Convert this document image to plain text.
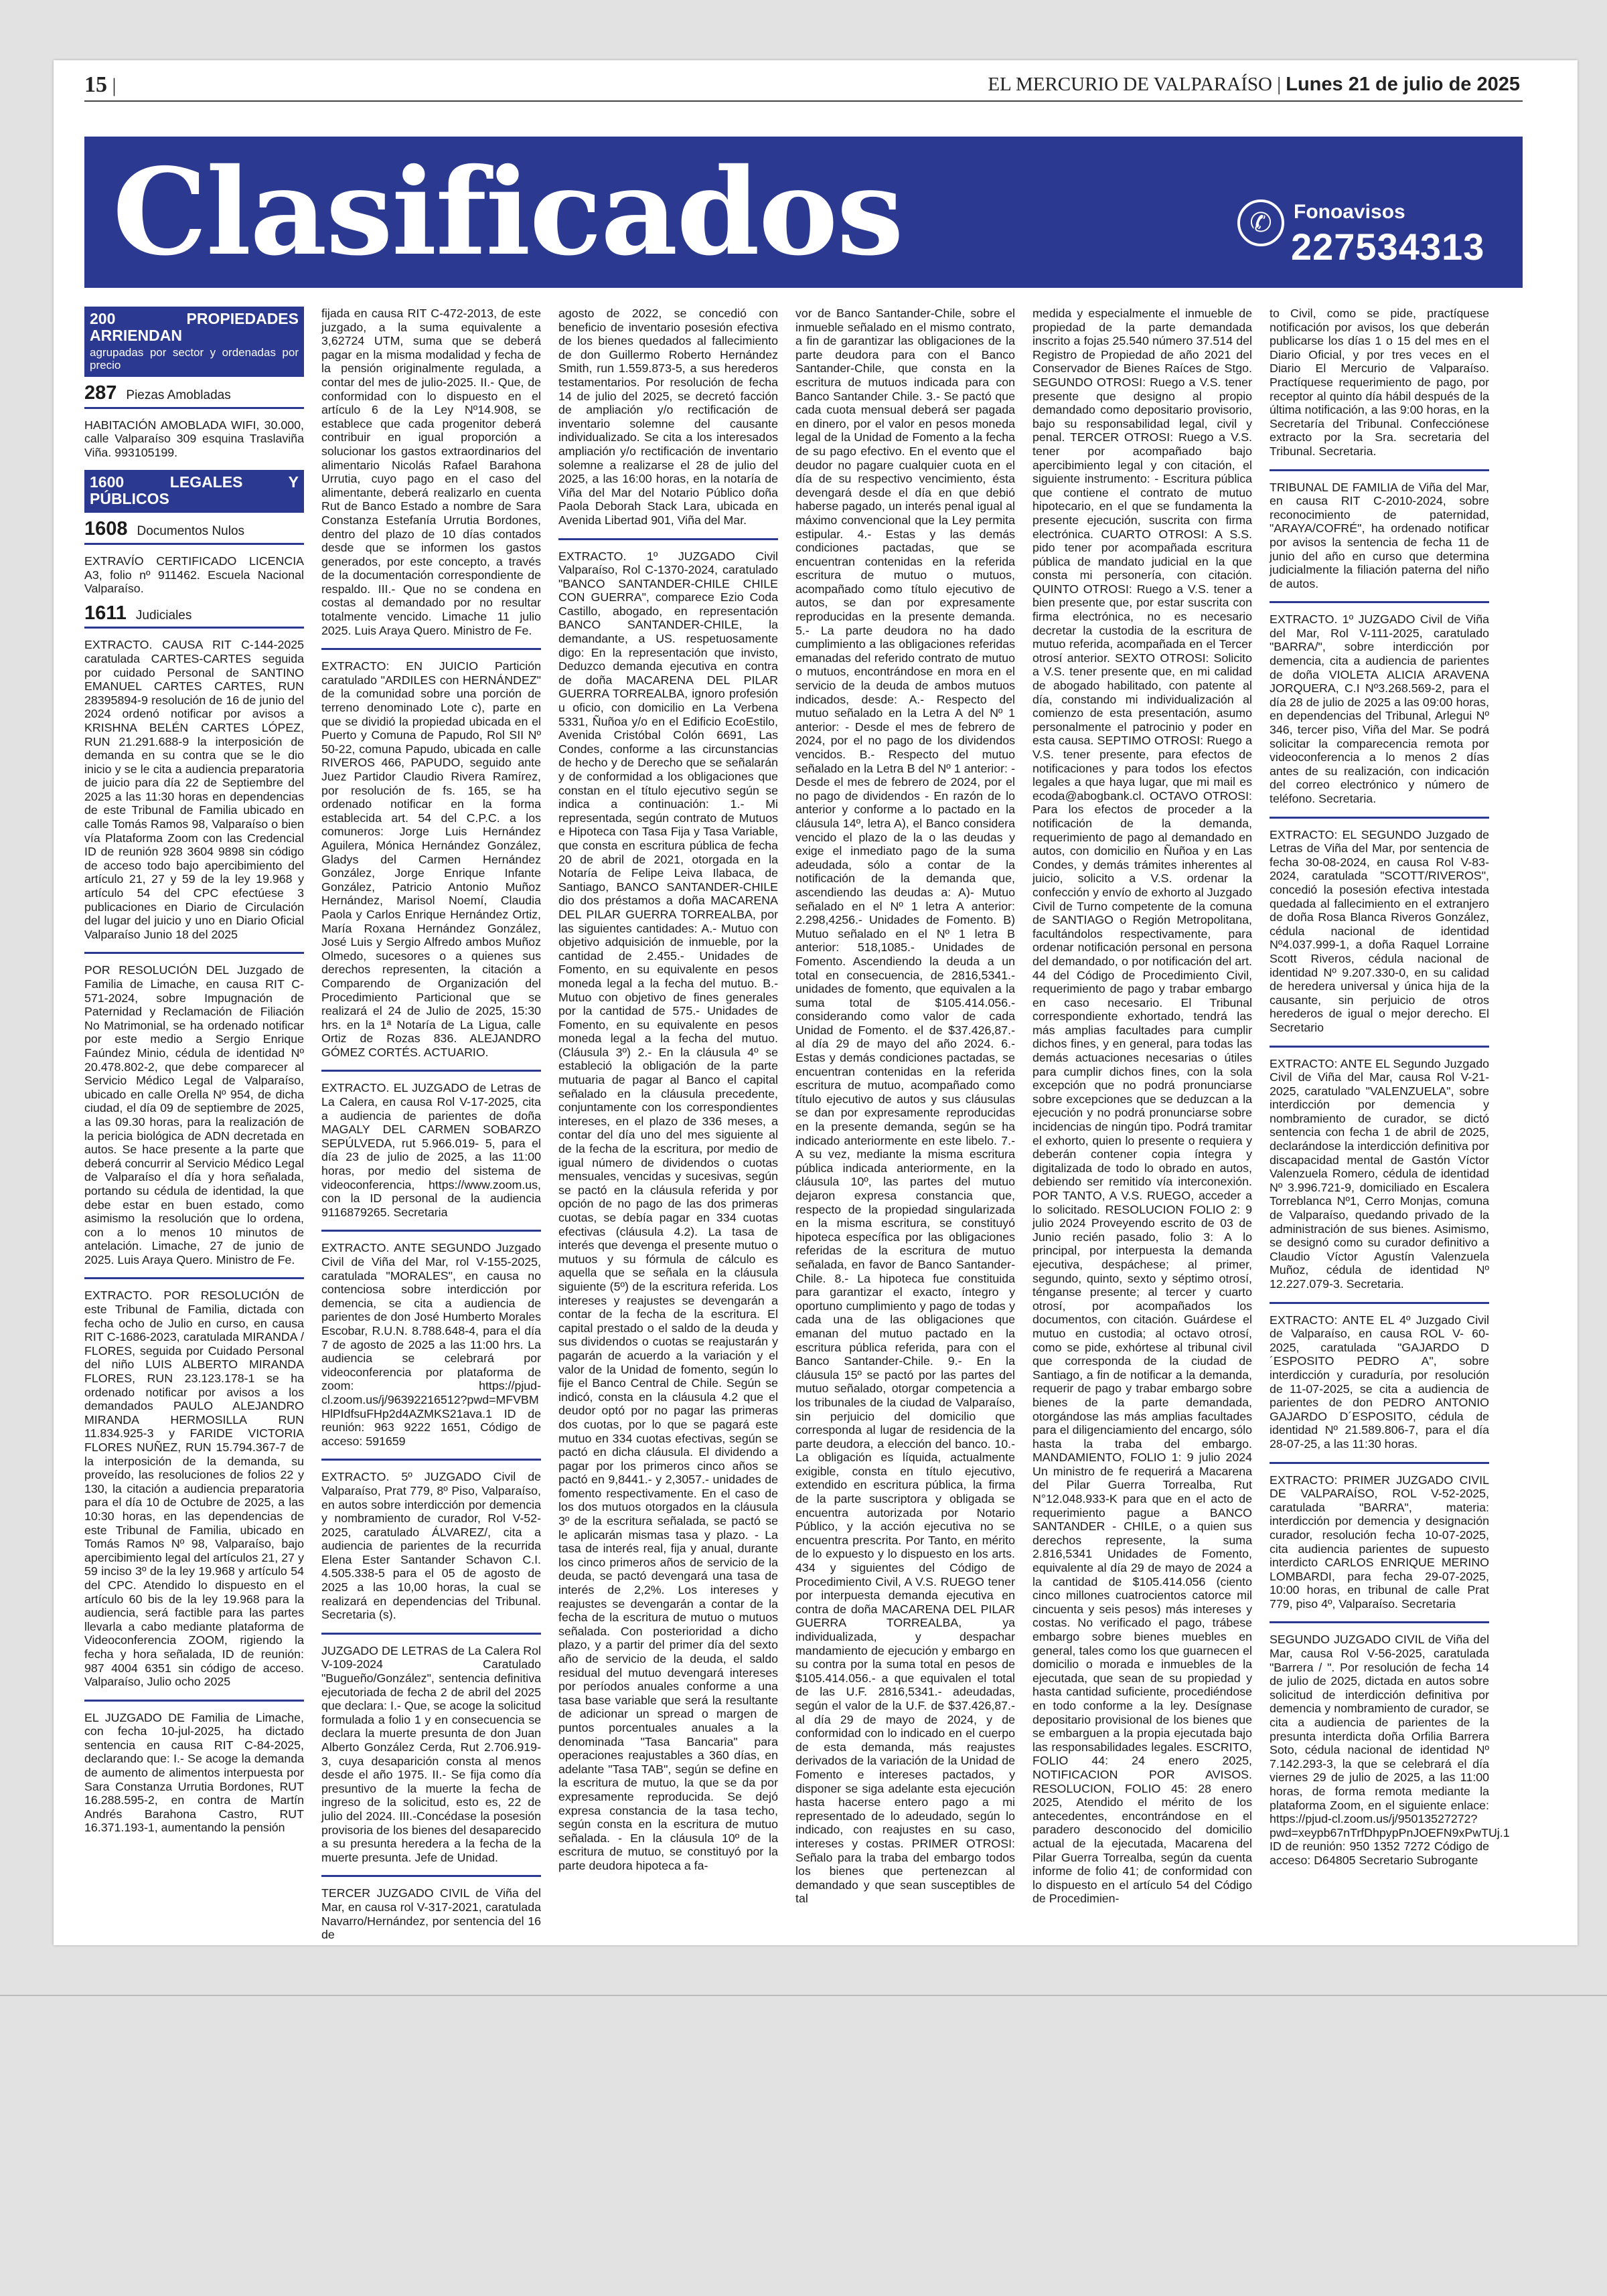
15 |	EL MERCURIO DE VALPARAÍSO | Lunes 21 de julio de 2025
Clasificados	✆	Fonoavisos
22753431​3
200 PROPIEDADES ARRIENDAN
agrupadas por sector y ordenadas por precio
287 Piezas Amobladas

HABITACIÓN AMOBLADA WIFI, 30.000, calle Valparaíso 309 esquina Traslaviña Viña. 993105199.

1600 LEGALES Y PÚBLICOS
1608 Documentos Nulos

EXTRAVÍO CERTIFICADO LICENCIA A3, folio nº 911462. Escuela Nacional Valparaíso.

1611 Judiciales

EXTRACTO. CAUSA RIT C-144-2025 caratulada CARTES-CARTES seguida por cuidado Personal de SANTINO EMANUEL CARTES CARTES, RUN 28395894-9 resolución de 16 de junio del 2024 ordenó notificar por avisos a KRISHNA BELÉN CARTES LÓPEZ, RUN 21.291.688-9 la interposición de demanda en su contra que se le dio inicio y se le cita a audiencia preparatoria de juicio para día 22 de Septiembre del 2025 a las 11:30 horas en dependencias de este Tribunal de Familia ubicado en calle Tomás Ramos 98, Valparaíso o bien vía Plataforma Zoom con las Credencial ID de reunión 928 3604 9898 sin código de acceso todo bajo apercibimiento del artículo 21, 27 y 59 de la ley 19.968 y artículo 54 del CPC efectúese 3 publicaciones en Diario de Circulación del lugar del juicio y uno en Diario Oficial Valparaíso Junio 18 del 2025

POR RESOLUCIÓN DEL Juzgado de Familia de Limache, en causa RIT C-571-2024, sobre Impugnación de Paternidad y Reclamación de Filiación No Matrimonial, se ha ordenado notificar por este medio a Sergio Enrique Faúndez Minio, cédula de identidad Nº 20.478.802-2, que debe comparecer al Servicio Médico Legal de Valparaíso, ubicado en calle Orella Nº 954, de dicha ciudad, el día 09 de septiembre de 2025, a las 09.30 horas, para la realización de la pericia biológica de ADN decretada en autos. Se hace presente a la parte que deberá concurrir al Servicio Médico Legal de Valparaíso el día y hora señalada, portando su cédula de identidad, la que debe estar en buen estado, como asimismo la resolución que lo ordena, con a lo menos 10 minutos de antelación. Limache, 27 de junio de 2025. Luis Araya Quero. Ministro de Fe.

EXTRACTO. POR RESOLUCIÓN de este Tribunal de Familia, dictada con fecha ocho de Julio en curso, en causa RIT C-1686-2023, caratulada MIRANDA / FLORES, seguida por Cuidado Personal del niño LUIS ALBERTO MIRANDA FLORES, RUN 23.123.178-1 se ha ordenado notificar por avisos a los demandados PAULO ALEJANDRO MIRANDA HERMOSILLA RUN 11.834.925-3 y FARIDE VICTORIA FLORES NUÑEZ, RUN 15.794.367-7 de la interposición de la demanda, su proveído, las resoluciones de folios 22 y 130, la citación a audiencia preparatoria para el día 10 de Octubre de 2025, a las 10:30 horas, en las dependencias de este Tribunal de Familia, ubicado en Tomás Ramos Nº 98, Valparaíso, bajo apercibimiento legal del artículos 21, 27 y 59 inciso 3º de la ley 19.968 y artículo 54 del CPC. Atendido lo dispuesto en el artículo 60 bis de la ley 19.968 para la audiencia, será factible para las partes llevarla a cabo mediante plataforma de Videoconferencia ZOOM, rigiendo la fecha y hora señalada, ID de reunión: 987 4004 6351 sin código de acceso. Valparaíso, Julio ocho 2025

EL JUZGADO DE Familia de Limache, con fecha 10-jul-2025, ha dictado sentencia en causa RIT C-84-2025, declarando que: I.- Se acoge la demanda de aumento de alimentos interpuesta por Sara Constanza Urrutia Bordones, RUT 16.288.595-2, en contra de Martín Andrés Barahona Castro, RUT 16.371.193-1, aumentando la pensión

fijada en causa RIT C-472-2013, de este juzgado, a la suma equivalente a 3,62724 UTM, suma que se deberá pagar en la misma modalidad y fecha de la pensión originalmente regulada, a contar del mes de julio-2025. II.- Que, de conformidad con lo dispuesto en el artículo 6 de la Ley Nº14.908, se establece que cada progenitor deberá contribuir en igual proporción a solucionar los gastos extraordinarios del alimentario Nicolás Rafael Barahona Urrutia, cuyo pago en el caso del alimentante, deberá realizarlo en cuenta Rut de Banco Estado a nombre de Sara Constanza Estefanía Urrutia Bordones, dentro del plazo de 10 días contados desde que se informen los gastos generados, por este concepto, a través de la documentación correspondiente de respaldo. III.- Que no se condena en costas al demandado por no resultar totalmente vencido. Limache 11 julio 2025. Luis Araya Quero. Ministro de Fe.

EXTRACTO: EN JUICIO Partición caratulado "ARDILES con HERNÁNDEZ" de la comunidad sobre una porción de terreno denominado Lote c), parte en que se dividió la propiedad ubicada en el Puerto y Comuna de Papudo, Rol SII Nº 50-22, comuna Papudo, ubicada en calle RIVEROS 466, PAPUDO, seguido ante Juez Partidor Claudio Rivera Ramírez, por resolución de fs. 165, se ha ordenado notificar en la forma establecida art. 54 del C.P.C. a los comuneros: Jorge Luis Hernández Aguilera, Mónica Hernández González, Gladys del Carmen Hernández González, Jorge Enrique Infante González, Patricio Antonio Muñoz Hernández, Marisol Noemí, Claudia Paola y Carlos Enrique Hernández Ortiz, María Roxana Hernández González, José Luis y Sergio Alfredo ambos Muñoz Olmedo, sucesores o a quienes sus derechos representen, la citación a Comparendo de Organización del Procedimiento Particional que se realizará el 24 de Julio de 2025, 15:30 hrs. en la 1ª Notaría de La Ligua, calle Ortiz de Rozas 836. ALEJANDRO GÓMEZ CORTÉS. ACTUARIO.

EXTRACTO. EL JUZGADO de Letras de La Calera, en causa Rol V-17-2025, cita a audiencia de parientes de doña MAGALY DEL CARMEN SOBARZO SEPÚLVEDA, rut 5.966.019- 5, para el día 23 de julio de 2025, a las 11:00 horas, por medio del sistema de videoconferencia, https://www.zoom.us, con la ID personal de la audiencia 9116879265. Secretaria

EXTRACTO. ANTE SEGUNDO Juzgado Civil de Viña del Mar, rol V-155-2025, caratulada "MORALES", en causa no contenciosa sobre interdicción por demencia, se cita a audiencia de parientes de don José Humberto Morales Escobar, R.U.N. 8.788.648-4, para el día 7 de agosto de 2025 a las 11:00 hrs. La audiencia se celebrará por videoconferencia por plataforma de zoom: https://pjud-cl.zoom.us/j/96392216512?pwd=MFVBM HlPIdfsuFHp2d4AZMKS21ava.1 ID de reunión: 963 9222 1651, Código de acceso: 591659

EXTRACTO. 5º JUZGADO Civil de Valparaíso, Prat 779, 8º Piso, Valparaíso, en autos sobre interdicción por demencia y nombramiento de curador, Rol V-52-2025, caratulado ÁLVAREZ/, cita a audiencia de parientes de la recurrida Elena Ester Santander Schavon C.I. 4.505.338-5 para el 05 de agosto de 2025 a las 10,00 horas, la cual se realizará en dependencias del Tribunal. Secretaria (s).

JUZGADO DE LETRAS de La Calera Rol V-109-2024 Caratulado "Bugueño/González", sentencia definitiva ejecutoriada de fecha 2 de abril del 2025 que declara: I.- Que, se acoge la solicitud formulada a folio 1 y en consecuencia se declara la muerte presunta de don Juan Alberto González Cerda, Rut 2.706.919-3, cuya desaparición consta al menos desde el año 1975. II.- Se fija como día presuntivo de la muerte la fecha de ingreso de la solicitud, esto es, 22 de julio del 2024. III.-Concédase la posesión provisoria de los bienes del desaparecido a su presunta heredera a la fecha de la muerte presunta. Jefe de Unidad.

TERCER JUZGADO CIVIL de Viña del Mar, en causa rol V-317-2021, caratulada Navarro/Hernández, por sentencia del 16 de

agosto de 2022, se concedió con beneficio de inventario posesión efectiva de los bienes quedados al fallecimiento de don Guillermo Roberto Hernández Smith, run 1.559.873-5, a sus herederos testamentarios. Por resolución de fecha 14 de julio del 2025, se decretó facción de ampliación y/o rectificación de inventario solemne del causante individualizado. Se cita a los interesados ampliación y/o rectificación de inventario solemne a realizarse el 28 de julio del 2025, a las 16:00 horas, en la notaría de Viña del Mar del Notario Público doña Paola Deborah Stack Lara, ubicada en Avenida Libertad 901, Viña del Mar.

EXTRACTO. 1º JUZGADO Civil Valparaíso, Rol C-1370-2024, caratulado "BANCO SANTANDER-CHILE CHILE CON GUERRA", comparece Ezio Coda Castillo, abogado, en representación BANCO SANTANDER-CHILE, la demandante, a US. respetuosamente digo: En la representación que invisto, Deduzco demanda ejecutiva en contra de doña MACARENA DEL PILAR GUERRA TORREALBA, ignoro profesión u oficio, con domicilio en La Verbena 5331, Ñuñoa y/o en el Edificio EcoEstilo, Avenida Cristóbal Colón 6691, Las Condes, conforme a las circunstancias de hecho y de Derecho que se señalarán y de conformidad a los obligaciones que constan en el título ejecutivo según se indica a continuación: 1.- Mi representada, según contrato de Mutuos e Hipoteca con Tasa Fija y Tasa Variable, que consta en escritura pública de fecha 20 de abril de 2021, otorgada en la Notaría de Felipe Leiva Ilabaca, de Santiago, BANCO SANTANDER-CHILE dio dos préstamos a doña MACARENA DEL PILAR GUERRA TORREALBA, por las siguientes cantidades: A.- Mutuo con objetivo adquisición de inmueble, por la cantidad de 2.455.- Unidades de Fomento, en su equivalente en pesos moneda legal a la fecha del mutuo. B.- Mutuo con objetivo de fines generales por la cantidad de 575.- Unidades de Fomento, en su equivalente en pesos moneda legal a la fecha del mutuo. (Cláusula 3º) 2.- En la cláusula 4º se estableció la obligación de la parte mutuaria de pagar al Banco el capital señalado en la cláusula precedente, conjuntamente con los correspondientes intereses, en el plazo de 336 meses, a contar del día uno del mes siguiente al de la fecha de la escritura, por medio de igual número de dividendos o cuotas mensuales, vencidas y sucesivas, según se pactó en la cláusula referida y por opción de no pago de las dos primeras cuotas, se debía pagar en 334 cuotas efectivas (cláusula 4.2). La tasa de interés que devenga el presente mutuo o mutuos y su fórmula de cálculo es aquella que se señala en la cláusula siguiente (5º) de la escritura referida. Los intereses y reajustes se devengarán a contar de la fecha de la escritura. El capital prestado o el saldo de la deuda y sus dividendos o cuotas se reajustarán y pagarán de acuerdo a la variación y el valor de la Unidad de fomento, según lo fije el Banco Central de Chile. Según se indicó, consta en la cláusula 4.2 que el deudor optó por no pagar las primeras dos cuotas, por lo que se pagará este mutuo en 334 cuotas efectivas, según se pactó en dicha cláusula. El dividendo a pagar por los primeros cinco años se pactó en 9,8441.- y 2,3057.- unidades de fomento respectivamente. En el caso de los dos mutuos otorgados en la cláusula 3º de la escritura señalada, se pactó se le aplicarán mismas tasa y plazo. - La tasa de interés real, fija y anual, durante los cinco primeros años de servicio de la deuda, se pactó devengará una tasa de interés de 2,2%. Los intereses y reajustes se devengarán a contar de la fecha de la escritura de mutuo o mutuos señalada. Con posterioridad a dicho plazo, y a partir del primer día del sexto año de servicio de la deuda, el saldo residual del mutuo devengará intereses por períodos anuales conforme a una tasa base variable que será la resultante de adicionar un spread o margen de puntos porcentuales anuales a la denominada "Tasa Bancaria" para operaciones reajustables a 360 días, en adelante "Tasa TAB", según se define en la escritura de mutuo, la que se da por expresamente reproducida. Se dejó expresa constancia de la tasa techo, según consta en la escritura de mutuo señalada. - En la cláusula 10º de la escritura de mutuo, se constituyó por la parte deudora hipoteca a fa-

vor de Banco Santander-Chile, sobre el inmueble señalado en el mismo contrato, a fin de garantizar las obligaciones de la parte deudora para con el Banco Santander-Chile, que consta en la escritura de mutuos indicada para con Banco Santander Chile. 3.- Se pactó que cada cuota mensual deberá ser pagada en dinero, por el valor en pesos moneda legal de la Unidad de Fomento a la fecha de su pago efectivo. En el evento que el deudor no pagare cualquier cuota en el día de su respectivo vencimiento, ésta devengará desde el día en que debió haberse pagado, un interés penal igual al máximo convencional que la Ley permita estipular. 4.- Estas y las demás condiciones pactadas, que se encuentran contenidas en la referida escritura de mutuo o mutuos, acompañado como título ejecutivo de autos, se dan por expresamente reproducidas en la presente demanda. 5.- La parte deudora no ha dado cumplimiento a las obligaciones referidas emanadas del referido contrato de mutuo o mutuos, encontrándose en mora en el servicio de la deuda de ambos mutuos indicados, desde: A.- Respecto del mutuo señalado en la Letra A del Nº 1 anterior: - Desde el mes de febrero de 2024, por el no pago de los dividendos vencidos. B.- Respecto del mutuo señalado en la Letra B del Nº 1 anterior: - Desde el mes de febrero de 2024, por el no pago de dividendos - En razón de lo anterior y conforme a lo pactado en la cláusula 14º, letra A), el Banco considera vencido el plazo de la o las deudas y exige el inmediato pago de la suma adeudada, sólo a contar de la notificación de la demanda que, ascendiendo las deudas a: A)- Mutuo señalado en el Nº 1 letra A anterior: 2.298,4256.- Unidades de Fomento. B) Mutuo señalado en el Nº 1 letra B anterior: 518,1085.- Unidades de Fomento. Ascendiendo la deuda a un total en consecuencia, de 2816,5341.- unidades de fomento, que equivalen a la suma total de $105.414.056.- considerando como valor de cada Unidad de Fomento. el de $37.426,87.- al día 29 de mayo del año 2024. 6.- Estas y demás condiciones pactadas, se encuentran contenidas en la referida escritura de mutuo, acompañado como título ejecutivo de autos y sus cláusulas se dan por expresamente reproducidas en la presente demanda, según se ha indicado anteriormente en este libelo. 7.- A su vez, mediante la misma escritura pública indicada anteriormente, en la cláusula 10º, las partes del mutuo dejaron expresa constancia que, respecto de la propiedad singularizada en la misma escritura, se constituyó hipoteca específica por las obligaciones referidas de la escritura de mutuo señalada, en favor de Banco Santander-Chile. 8.- La hipoteca fue constituida para garantizar el exacto, íntegro y oportuno cumplimiento y pago de todas y cada una de las obligaciones que emanan del mutuo pactado en la escritura pública referida, para con el Banco Santander-Chile. 9.- En la cláusula 15º se pactó por las partes del mutuo señalado, otorgar competencia a los tribunales de la ciudad de Valparaíso, sin perjuicio del domicilio que corresponda al lugar de residencia de la parte deudora, a elección del banco. 10.- La obligación es líquida, actualmente exigible, consta en título ejecutivo, extendido en escritura pública, la firma de la parte suscriptora y obligada se encuentra autorizada por Notario Público, y la acción ejecutiva no se encuentra prescrita. Por Tanto, en mérito de lo expuesto y lo dispuesto en los arts. 434 y siguientes del Código de Procedimiento Civil, A V.S. RUEGO tener por interpuesta demanda ejecutiva en contra de doña MACARENA DEL PILAR GUERRA TORREALBA, ya individualizada, y despachar mandamiento de ejecución y embargo en su contra por la suma total en pesos de $105.414.056.- a que equivalen el total de las U.F. 2816,5341.- adeudadas, según el valor de la U.F. de $37.426,87.- al día 29 de mayo de 2024, y de conformidad con lo indicado en el cuerpo de esta demanda, más reajustes derivados de la variación de la Unidad de Fomento e intereses pactados, y disponer se siga adelante esta ejecución hasta hacerse entero pago a mi representado de lo adeudado, según lo indicado, con reajustes en su caso, intereses y costas. PRIMER OTROSI: Señalo para la traba del embargo todos los bienes que pertenezcan al demandado y que sean susceptibles de tal

medida y especialmente el inmueble de propiedad de la parte demandada inscrito a fojas 25.540 número 37.514 del Registro de Propiedad de año 2021 del Conservador de Bienes Raíces de Stgo. SEGUNDO OTROSI: Ruego a V.S. tener presente que designo al propio demandado como depositario provisorio, bajo su responsabilidad legal, civil y penal. TERCER OTROSI: Ruego a V.S. tener por acompañado bajo apercibimiento legal y con citación, el siguiente instrumento: - Escritura pública que contiene el contrato de mutuo hipotecario, en el que se fundamenta la presente ejecución, suscrita con firma electrónica. CUARTO OTROSI: A S.S. pido tener por acompañada escritura pública de mandato judicial en la que consta mi personería, con citación. QUINTO OTROSI: Ruego a V.S. tener a bien presente que, por estar suscrita con firma electrónica, no es necesario decretar la custodia de la escritura de mutuo referida, acompañada en el Tercer otrosí anterior. SEXTO OTROSI: Solicito a V.S. tener presente que, en mi calidad de abogado habilitado, con patente al día, constando mi individualización al comienzo de esta presentación, asumo personalmente el patrocinio y poder en esta causa. SEPTIMO OTROSI: Ruego a V.S. tener presente, para efectos de notificaciones y para todos los efectos legales a que haya lugar, que mi mail es ecoda@abogbank.cl. OCTAVO OTROSI: Para los efectos de proceder a la notificación de la demanda, requerimiento de pago al demandado en autos, con domicilio en Ñuñoa y en Las Condes, y demás trámites inherentes al juicio, solicito a V.S. ordenar la confección y envío de exhorto al Juzgado Civil de Turno competente de la comuna de SANTIAGO o Región Metropolitana, facultándolos respectivamente, para ordenar notificación personal en persona del demandado, o por notificación del art. 44 del Código de Procedimiento Civil, requerimiento de pago y trabar embargo en caso necesario. El Tribunal correspondiente exhortado, tendrá las más amplias facultades para cumplir dichos fines, y en general, para todas las demás actuaciones necesarias o útiles para cumplir dichos fines, con la sola excepción que no podrá pronunciarse sobre excepciones que se deduzcan a la ejecución y no podrá pronunciarse sobre incidencias de ningún tipo. Podrá tramitar el exhorto, quien lo presente o requiera y deberán contener copia íntegra y digitalizada de todo lo obrado en autos, debiendo ser remitido vía interconexión. POR TANTO, A V.S. RUEGO, acceder a lo solicitado. RESOLUCION FOLIO 2: 9 julio 2024 Proveyendo escrito de 03 de Junio recién pasado, folio 3: A lo principal, por interpuesta la demanda ejecutiva, despáchese; al primer, segundo, quinto, sexto y séptimo otrosí, ténganse presente; al tercer y cuarto otrosí, por acompañados los documentos, con citación. Guárdese el mutuo en custodia; al octavo otrosí, como se pide, exhórtese al tribunal civil que corresponda de la ciudad de Santiago, a fin de notificar a la demanda, requerir de pago y trabar embargo sobre bienes de la parte demandada, otorgándose las más amplias facultades para el diligenciamiento del encargo, sólo hasta la traba del embargo. MANDAMIENTO, FOLIO 1: 9 julio 2024 Un ministro de fe requerirá a Macarena del Pilar Guerra Torrealba, Rut N°12.048.933-K para que en el acto de requerimiento pague a BANCO SANTANDER - CHILE, o a quien sus derechos represente, la suma 2.816,5341 Unidades de Fomento, equivalente al día 29 de mayo de 2024 a la cantidad de $105.414.056 (ciento cinco millones cuatrocientos catorce mil cincuenta y seis pesos) más intereses y costas. No verificado el pago, trábese embargo sobre bienes muebles en general, tales como los que guarnecen el domicilio o morada e inmuebles de la ejecutada, que sean de su propiedad y hasta cantidad suficiente, procediéndose en todo conforme a la ley. Desígnase depositario provisional de los bienes que se embarguen a la propia ejecutada bajo las responsabilidades legales. ESCRITO, FOLIO 44: 24 enero 2025, NOTIFICACION POR AVISOS. RESOLUCION, FOLIO 45: 28 enero 2025, Atendido el mérito de los antecedentes, encontrándose en el paradero desconocido del domicilio actual de la ejecutada, Macarena del Pilar Guerra Torrealba, según da cuenta informe de folio 41; de conformidad con lo dispuesto en el artículo 54 del Código de Procedimien-

to Civil, como se pide, practíquese notificación por avisos, los que deberán publicarse los días 1 o 15 del mes en el Diario Oficial, y por tres veces en el Diario El Mercurio de Valparaíso. Practíquese requerimiento de pago, por receptor al quinto día hábil después de la última notificación, a las 9:00 horas, en la Secretaría del Tribunal. Confecciónese extracto por la Sra. secretaria del Tribunal. Secretaria.

TRIBUNAL DE FAMILIA de Viña del Mar, en causa RIT C-2010-2024, sobre reconocimiento de paternidad, "ARAYA/COFRÉ", ha ordenado notificar por avisos la sentencia de fecha 11 de junio del año en curso que determina judicialmente la filiación paterna del niño de autos.

EXTRACTO. 1º JUZGADO Civil de Viña del Mar, Rol V-111-2025, caratulado "BARRA/", sobre interdicción por demencia, cita a audiencia de parientes de doña VIOLETA ALICIA ARAVENA JORQUERA, C.I Nº3.268.569-2, para el día 28 de julio de 2025 a las 09:00 horas, en dependencias del Tribunal, Arlegui Nº 346, tercer piso, Viña del Mar. Se podrá solicitar la comparecencia remota por videoconferencia a lo menos 2 días antes de su realización, con indicación del correo electrónico y número de teléfono. Secretaria.

EXTRACTO: EL SEGUNDO Juzgado de Letras de Viña del Mar, por sentencia de fecha 30-08-2024, en causa Rol V-83-2024, caratulada "SCOTT/RIVEROS", concedió la posesión efectiva intestada quedada al fallecimiento en el extranjero de doña Rosa Blanca Riveros González, cédula nacional de identidad Nº4.037.999-1, a doña Raquel Lorraine Scott Riveros, cédula nacional de identidad Nº 9.207.330-0, en su calidad de heredera universal y única hija de la causante, sin perjuicio de otros herederos de igual o mejor derecho. El Secretario

EXTRACTO: ANTE EL Segundo Juzgado Civil de Viña del Mar, causa Rol V-21-2025, caratulado "VALENZUELA", sobre interdicción por demencia y nombramiento de curador, se dictó sentencia con fecha 1 de abril de 2025, declarándose la interdicción definitiva por discapacidad mental de Gastón Víctor Valenzuela Romero, cédula de identidad Nº 3.996.721-9, domiciliado en Escalera Torreblanca Nº1, Cerro Monjas, comuna de Valparaíso, quedando privado de la administración de sus bienes. Asimismo, se designó como su curador definitivo a Claudio Víctor Agustín Valenzuela Muñoz, cédula de identidad Nº 12.227.079-3. Secretaria.

EXTRACTO: ANTE EL 4º Juzgado Civil de Valparaíso, en causa ROL V- 60-2025, caratulada "GAJARDO D´ESPOSITO PEDRO A", sobre interdicción y curaduría, por resolución de 11-07-2025, se cita a audiencia de parientes de don PEDRO ANTONIO GAJARDO D´ESPOSITO, cédula de identidad Nº 21.589.806-7, para el día 28-07-25, a las 11:30 horas.

EXTRACTO: PRIMER JUZGADO CIVIL DE VALPARAÍSO, ROL V-52-2025, caratulada "BARRA", materia: interdicción por demencia y designación curador, resolución fecha 10-07-2025, cita audiencia parientes de supuesto interdicto CARLOS ENRIQUE MERINO LOMBARDI, para fecha 29-07-2025, 10:00 horas, en tribunal de calle Prat 779, piso 4º, Valparaíso. Secretaria

SEGUNDO JUZGADO CIVIL de Viña del Mar, causa Rol V-56-2025, caratulada "Barrera / ". Por resolución de fecha 14 de julio de 2025, dictada en autos sobre solicitud de interdicción definitiva por demencia y nombramiento de curador, se cita a audiencia de parientes de la presunta interdicta doña Orfilia Barrera Soto, cédula nacional de identidad Nº 7.142.293-3, la que se celebrará el día viernes 29 de julio de 2025, a las 11:00 horas, de forma remota mediante la plataforma Zoom, en el siguiente enlace: https://pjud-cl.zoom.us/j/95013527272?pwd=xeypb67nTrfDhpypPnJOEFN9xPwTUj.1 ID de reunión: 950 1352 7272 Código de acceso: D64805 Secretario Subrogante
